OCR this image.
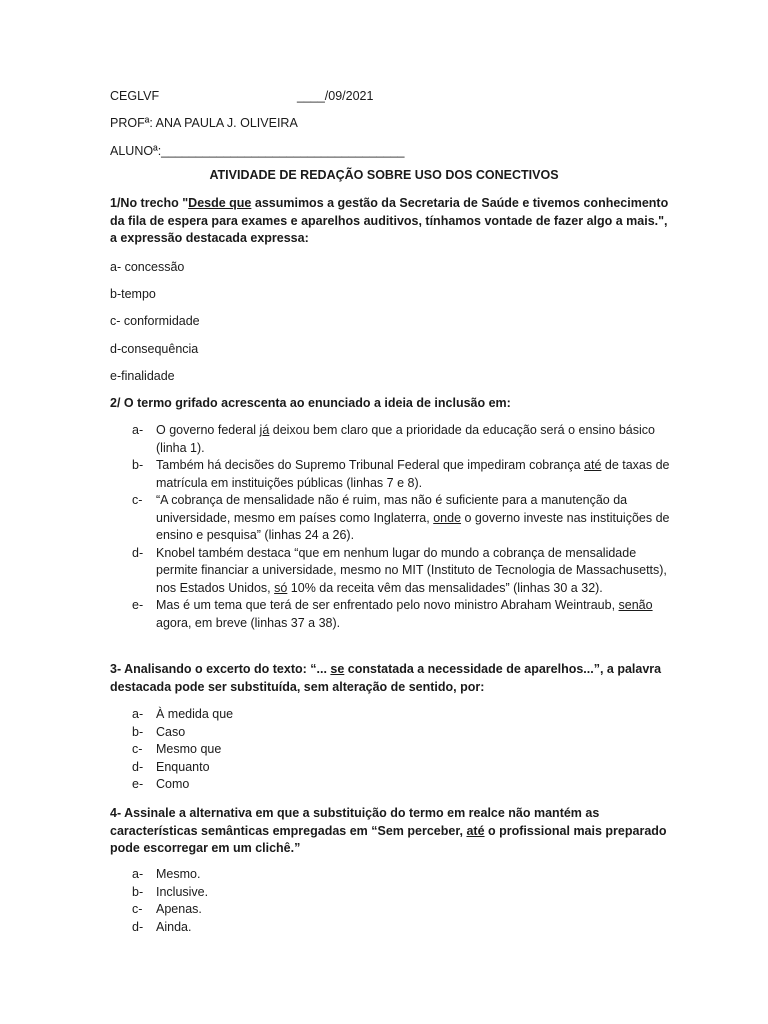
CEGLVF	____/09/2021
PROFª: ANA PAULA J. OLIVEIRA
ALUNOª:___________________________________
ATIVIDADE DE REDAÇÃO SOBRE USO DOS CONECTIVOS
1/No trecho "Desde que assumimos a gestão da Secretaria de Saúde e tivemos conhecimento da fila de espera para exames e aparelhos auditivos, tínhamos vontade de fazer algo a mais.", a expressão destacada expressa:
a- concessão
b-tempo
c- conformidade
d-consequência
e-finalidade
2/ O termo grifado acrescenta ao enunciado a ideia de inclusão em:
a- O governo federal já deixou bem claro que a prioridade da educação será o ensino básico (linha 1).
b- Também há decisões do Supremo Tribunal Federal que impediram cobrança até de taxas de matrícula em instituições públicas (linhas 7 e 8).
c- “A cobrança de mensalidade não é ruim, mas não é suficiente para a manutenção da universidade, mesmo em países como Inglaterra, onde o governo investe nas instituições de ensino e pesquisa” (linhas 24 a 26).
d- Knobel também destaca “que em nenhum lugar do mundo a cobrança de mensalidade permite financiar a universidade, mesmo no MIT (Instituto de Tecnologia de Massachusetts), nos Estados Unidos, só 10% da receita vêm das mensalidades” (linhas 30 a 32).
e- Mas é um tema que terá de ser enfrentado pelo novo ministro Abraham Weintraub, senão agora, em breve (linhas 37 a 38).
3- Analisando o excerto do texto: “... se constatada a necessidade de aparelhos...”, a palavra destacada pode ser substituída, sem alteração de sentido, por:
a- À medida que
b- Caso
c- Mesmo que
d- Enquanto
e- Como
4- Assinale a alternativa em que a substituição do termo em realce não mantém as características semânticas empregadas em “Sem perceber, até o profissional mais preparado pode escorregar em um clichê.”
a- Mesmo.
b- Inclusive.
c- Apenas.
d- Ainda.
